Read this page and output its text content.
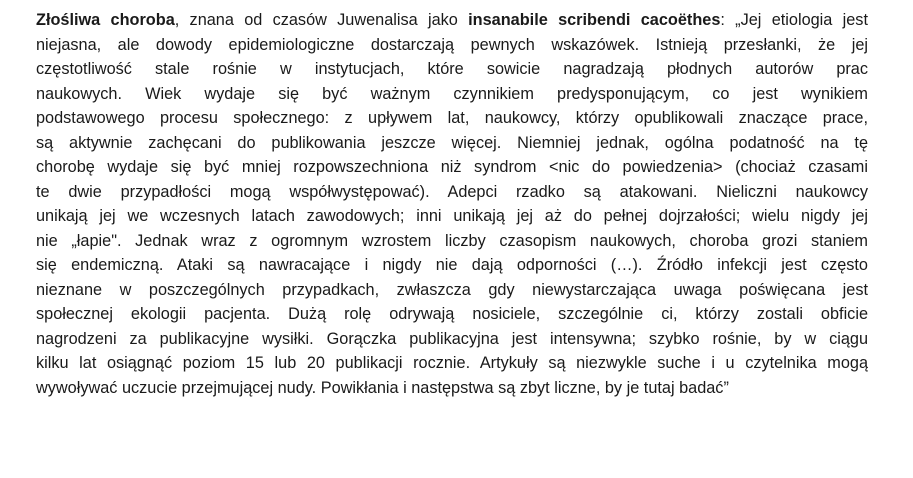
Złośliwa choroba, znana od czasów Juwenalisa jako insanabile scribendi cacoëthes: „Jej etiologia jest
niejasna, ale dowody epidemiologiczne dostarczają pewnych wskazówek. Istnieją przesłanki, że jej
częstotliwość stale rośnie w instytucjach, które sowicie nagradzają płodnych autorów prac
naukowych. Wiek wydaje się być ważnym czynnikiem predysponującym, co jest wynikiem
podstawowego procesu społecznego: z upływem lat, naukowcy, którzy opublikowali znaczące prace,
są aktywnie zachęcani do publikowania jeszcze więcej. Niemniej jednak, ogólna podatność na tę
chorobę wydaje się być mniej rozpowszechniona niż syndrom <nic do powiedzenia> (chociaż czasami
te dwie przypadłości mogą współwystępować). Adepci rzadko są atakowani. Nieliczni naukowcy
unikają jej we wczesnych latach zawodowych; inni unikają jej aż do pełnej dojrzałości; wielu nigdy jej
nie „łapie". Jednak wraz z ogromnym wzrostem liczby czasopism naukowych, choroba grozi staniem
się endemiczną. Ataki są nawracające i nigdy nie dają odporności (…). Źródło infekcji jest często
nieznane w poszczególnych przypadkach, zwłaszcza gdy niewystarczająca uwaga poświęcana jest
społecznej ekologii pacjenta. Dużą rolę odrywają nosiciele, szczególnie ci, którzy zostali obficie
nagrodzeni za publikacyjne wysiłki. Gorączka publikacyjna jest intensywna; szybko rośnie, by w ciągu
kilku lat osiągnąć poziom 15 lub 20 publikacji rocznie. Artykuły są niezwykle suche i u czytelnika mogą
wywoływać uczucie przejmującej nudy. Powikłania i następstwa są zbyt liczne, by je tutaj badać”
